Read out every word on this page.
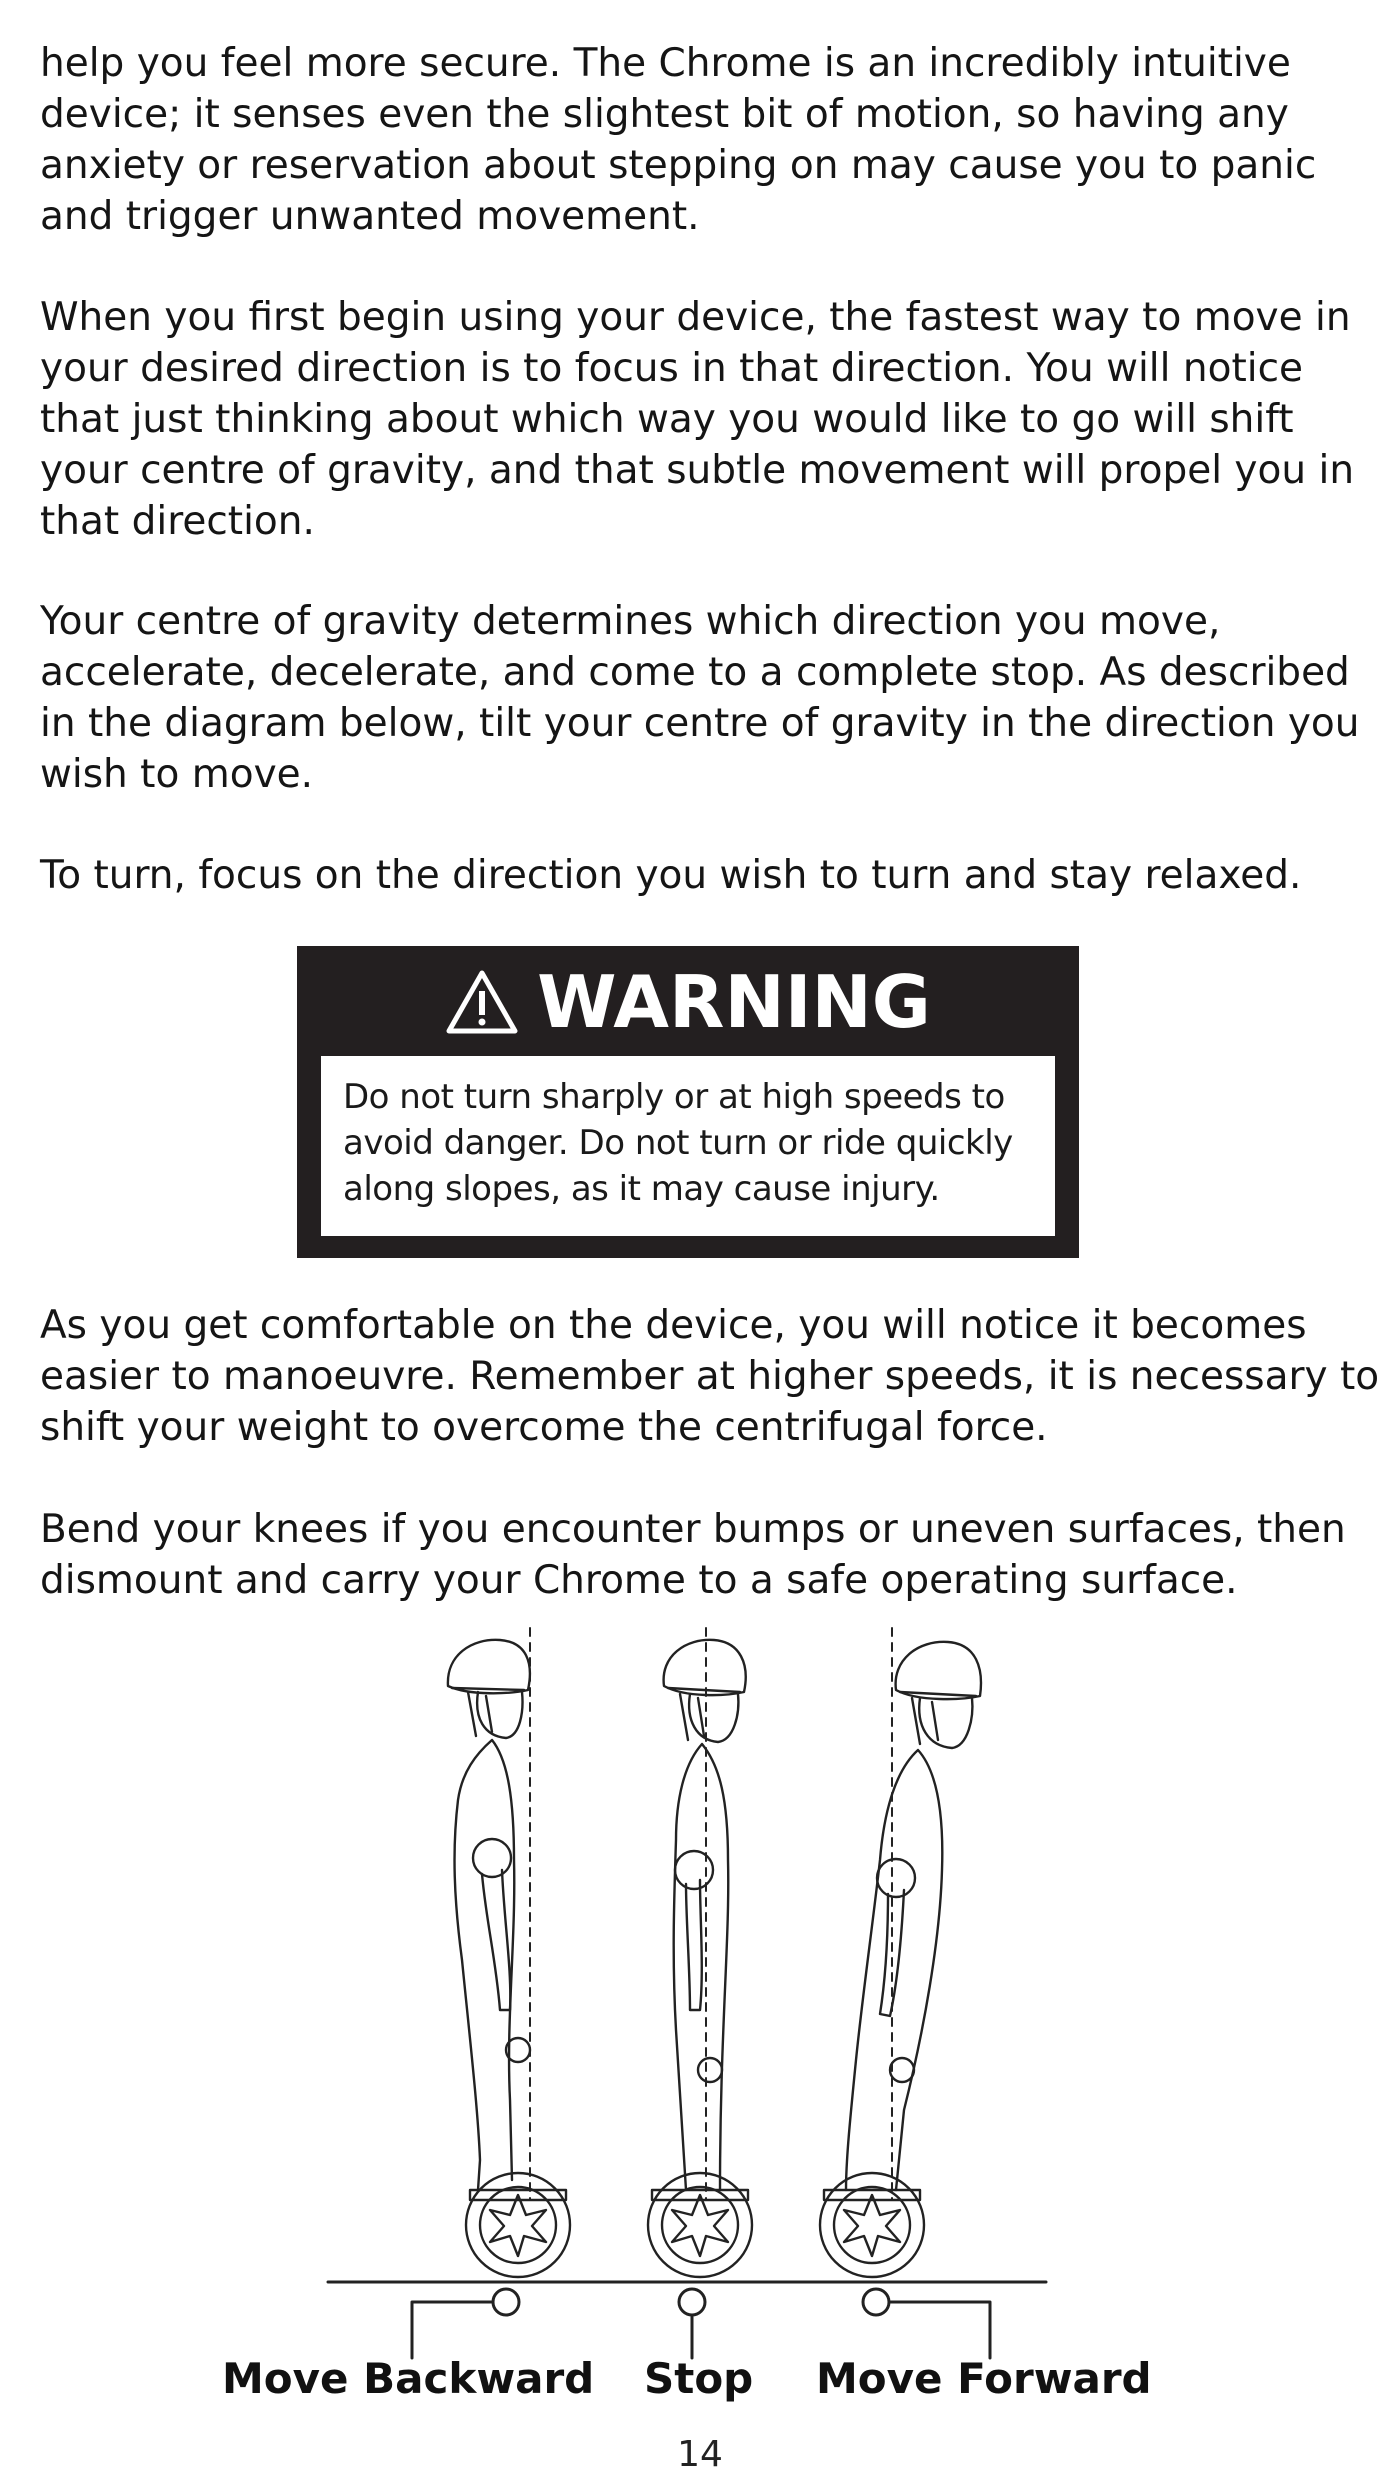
help you feel more secure. The Chrome is an incredibly intuitive device; it senses even the slightest bit of motion, so having any anxiety or reservation about stepping on may cause you to panic and trigger unwanted movement.

When you first begin using your device, the fastest way to move in your desired direction is to focus in that direction. You will notice that just thinking about which way you would like to go will shift your centre of gravity, and that subtle movement will propel you in that direction.

Your centre of gravity determines which direction you move, accelerate, decelerate, and come to a complete stop. As described in the diagram below, tilt your centre of gravity in the direction you wish to move.

To turn, focus on the direction you wish to turn and stay relaxed.

WARNING
Do not turn sharply or at high speeds to avoid danger. Do not turn or ride quickly along slopes, as it may cause injury.

As you get comfortable on the device, you will notice it becomes easier to manoeuvre. Remember at higher speeds, it is necessary to shift your weight to overcome the centrifugal force.

Bend your knees if you encounter bumps or uneven surfaces, then dismount and carry your Chrome to a safe operating surface.

Move Backward Stop Move Forward
14
